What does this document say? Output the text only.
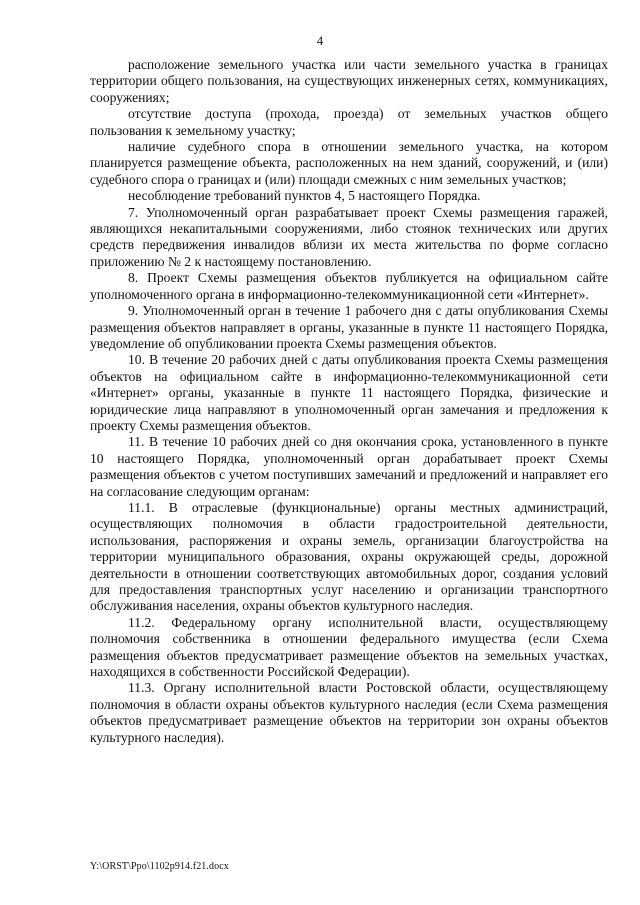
4

расположение земельного участка или части земельного участка в границах территории общего пользования, на существующих инженерных сетях, коммуникациях, сооружениях;

отсутствие доступа (прохода, проезда) от земельных участков общего пользования к земельному участку;

наличие судебного спора в отношении земельного участка, на котором планируется размещение объекта, расположенных на нем зданий, сооружений, и (или) судебного спора о границах и (или) площади смежных с ним земельных участков;

несоблюдение требований пунктов 4, 5 настоящего Порядка.

7. Уполномоченный орган разрабатывает проект Схемы размещения гаражей, являющихся некапитальными сооружениями, либо стоянок технических или других средств передвижения инвалидов вблизи их места жительства по форме согласно приложению № 2 к настоящему постановлению.

8. Проект Схемы размещения объектов публикуется на официальном сайте уполномоченного органа в информационно-телекоммуникационной сети «Интернет».

9. Уполномоченный орган в течение 1 рабочего дня с даты опубликования Схемы размещения объектов направляет в органы, указанные в пункте 11 настоящего Порядка, уведомление об опубликовании проекта Схемы размещения объектов.

10. В течение 20 рабочих дней с даты опубликования проекта Схемы размещения объектов на официальном сайте в информационно-телекоммуникационной сети «Интернет» органы, указанные в пункте 11 настоящего Порядка, физические и юридические лица направляют в уполномоченный орган замечания и предложения к проекту Схемы размещения объектов.

11. В течение 10 рабочих дней со дня окончания срока, установленного в пункте 10 настоящего Порядка, уполномоченный орган дорабатывает проект Схемы размещения объектов с учетом поступивших замечаний и предложений и направляет его на согласование следующим органам:

11.1. В отраслевые (функциональные) органы местных администраций, осуществляющих полномочия в области градостроительной деятельности, использования, распоряжения и охраны земель, организации благоустройства на территории муниципального образования, охраны окружающей среды, дорожной деятельности в отношении соответствующих автомобильных дорог, создания условий для предоставления транспортных услуг населению и организации транспортного обслуживания населения, охраны объектов культурного наследия.

11.2. Федеральному органу исполнительной власти, осуществляющему полномочия собственника в отношении федерального имущества (если Схема размещения объектов предусматривает размещение объектов на земельных участках, находящихся в собственности Российской Федерации).

11.3. Органу исполнительной власти Ростовской области, осуществляющему полномочия в области охраны объектов культурного наследия (если Схема размещения объектов предусматривает размещение объектов на территории зон охраны объектов культурного наследия).

Y:\ORST\Ppo\1102p914.f21.docx
